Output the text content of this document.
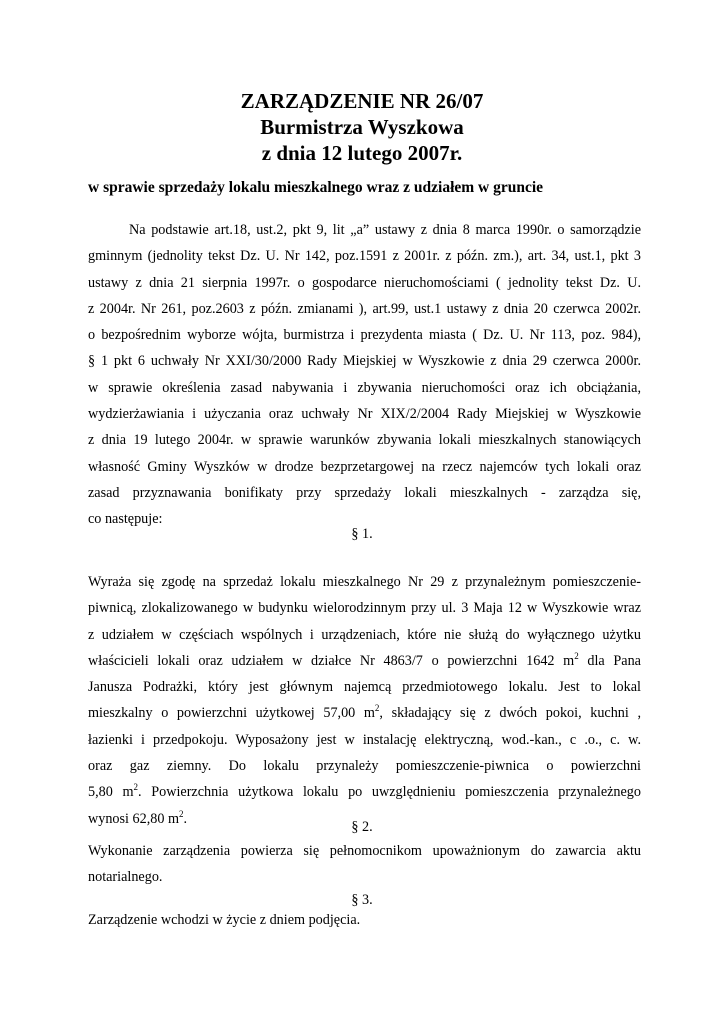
ZARZĄDZENIE NR 26/07
Burmistrza Wyszkowa
z dnia 12 lutego 2007r.
w sprawie sprzedaży lokalu mieszkalnego wraz z udziałem w gruncie
Na podstawie art.18, ust.2, pkt 9, lit „a” ustawy z dnia 8 marca 1990r. o samorządzie
gminnym (jednolity tekst Dz. U. Nr 142, poz.1591 z 2001r. z późn. zm.), art. 34, ust.1, pkt 3
ustawy z dnia 21 sierpnia 1997r. o gospodarce nieruchomościami ( jednolity tekst Dz. U.
z 2004r. Nr 261, poz.2603 z późn. zmianami ), art.99, ust.1 ustawy z dnia 20 czerwca 2002r.
o bezpośrednim wyborze wójta, burmistrza i prezydenta miasta ( Dz. U. Nr 113, poz. 984),
§ 1 pkt 6 uchwały Nr XXI/30/2000 Rady Miejskiej w Wyszkowie z dnia 29 czerwca 2000r.
w sprawie określenia zasad nabywania i zbywania nieruchomości oraz ich obciążania,
wydzierżawiania i użyczania oraz uchwały Nr XIX/2/2004 Rady Miejskiej w Wyszkowie
z dnia 19 lutego 2004r. w sprawie warunków zbywania lokali mieszkalnych stanowiących
własność Gminy Wyszków w drodze bezprzetargowej na rzecz najemców tych lokali oraz
zasad przyznawania bonifikaty przy sprzedaży lokali mieszkalnych - zarządza się,
co następuje:
§ 1.
Wyraża się zgodę na sprzedaż lokalu mieszkalnego Nr 29 z przynależnym pomieszczenie-
piwnicą, zlokalizowanego w budynku wielorodzinnym przy ul. 3 Maja 12 w Wyszkowie wraz
z udziałem w częściach wspólnych i urządzeniach, które nie służą do wyłącznego użytku
właścicieli lokali oraz udziałem w działce Nr 4863/7 o powierzchni 1642 $m^2$ dla Pana
Janusza Podrażki, który jest głównym najemcą przedmiotowego lokalu. Jest to lokal
mieszkalny o powierzchni użytkowej 57,00 $m^2$, składający się z dwóch pokoi, kuchni ,
łazienki i przedpokoju. Wyposażony jest w instalację elektryczną, wod.-kan., c .o., c. w.
oraz gaz ziemny. Do lokalu przynależy pomieszczenie-piwnica o powierzchni
5,80 $m^2$. Powierzchnia użytkowa lokalu po uwzględnieniu pomieszczenia przynależnego
wynosi 62,80 $m^2$.
§ 2.
Wykonanie zarządzenia powierza się pełnomocnikom upoważnionym do zawarcia aktu
notarialnego.
§ 3.
Zarządzenie wchodzi w życie z dniem podjęcia.
